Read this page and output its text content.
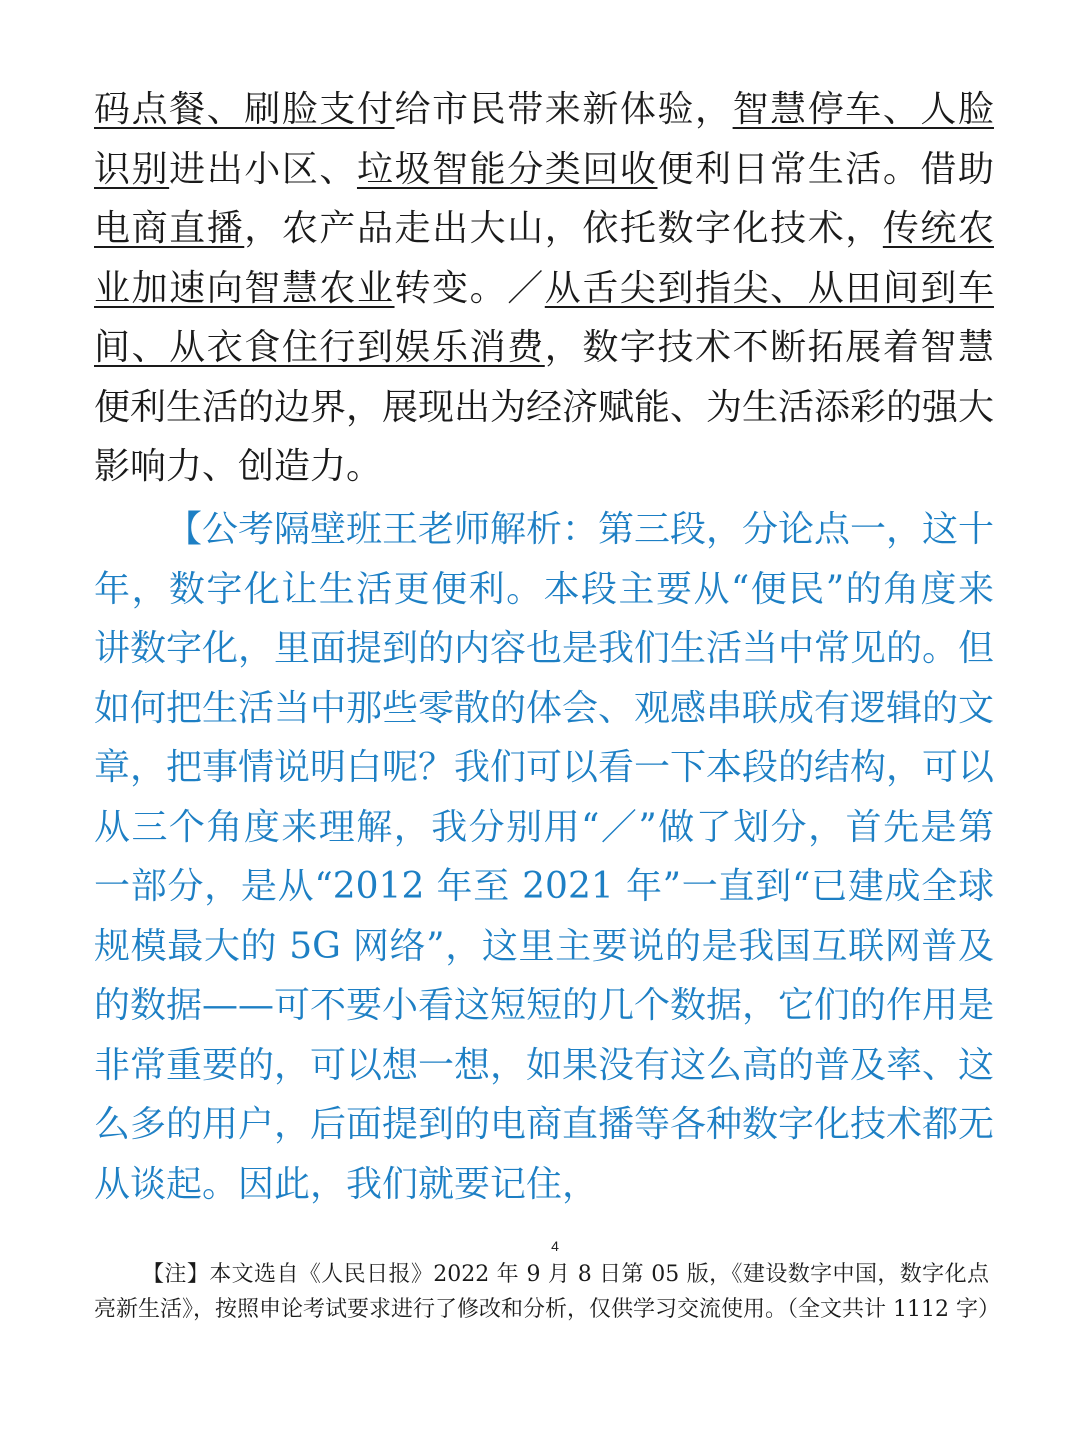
码点餐、刷脸支付给市民带来新体验，智慧停车、人脸识别进出小区、垃圾智能分类回收便利日常生活。借助电商直播，农产品走出大山，依托数字化技术，传统农业加速向智慧农业转变。／从舌尖到指尖、从田间到车间、从衣食住行到娱乐消费，数字技术不断拓展着智慧便利生活的边界，展现出为经济赋能、为生活添彩的强大影响力、创造力。
【公考隔壁班王老师解析：第三段，分论点一，这十年，数字化让生活更便利。本段主要从“便民”的角度来讲数字化，里面提到的内容也是我们生活当中常见的。但如何把生活当中那些零散的体会、观感串联成有逻辑的文章，把事情说明白呢？我们可以看一下本段的结构，可以从三个角度来理解，我分别用“／”做了划分，首先是第一部分，是从“2012 年至 2021 年”一直到“已建成全球规模最大的 5G 网络”，这里主要说的是我国互联网普及的数据——可不要小看这短短的几个数据，它们的作用是非常重要的，可以想一想，如果没有这么高的普及率、这么多的用户，后面提到的电商直播等各种数字化技术都无从谈起。因此，我们就要记住，
4
【注】本文选自《人民日报》2022 年 9 月 8 日第 05 版，《建设数字中国，数字化点亮新生活》，按照申论考试要求进行了修改和分析，仅供学习交流使用。（全文共计 1112 字）
